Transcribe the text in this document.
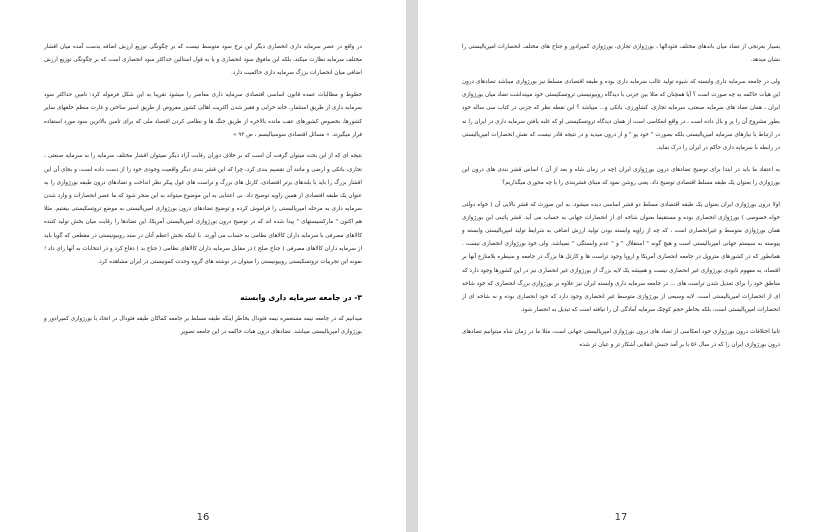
در واقع در عصر سرمایه داری انحصاری دیگر این نرخ سود متوسط نیست که بر چگونگی توزیع ارزش اضافه بدست آمده میان اقشار مختلف سرمایه نظارت میکند، بلکه این مافوق سود انحصاری و یا به قول استالین حداکثر سود انحصاری است که بر چگونگی توزیع ارزش اضافی میان انحصارات بزرگ سرمایه داری حاکمیت دارد.

خطوط و مطالبات عمده قانون اساسی اقتصادی سرمایه داری معاصر را میشود تقریبا به این شکل فرموله کرد: تامین حداکثر سود سرمایه داری از طریق استثمار، خانه خرابی و فقیر شدن اکثریت اهالی کشور مفروض از طریق اسیر ساختن و غارت منظم خلقهای سایر کشورها، بخصوص کشورهای عقب مانده بالاخره از طریق جنگ ها و نظامی کردن اقتصاد ملی که برای تامین بالاترین سود مورد استفاده قرار میگیرند. « مسائل اقتصادی سوسیالیسم ، ص ۹۲ »

نتیجه ای که از این بحث میتوان گرفت آن است که بر خلاف دوران رقابت آزاد دیگر نمیتوان اقشار مختلف سرمایه را به سرمایه صنعتی ، تجاری، بانکی و ارضی و مانند آن تقسیم بندی کرد، چرا که این قشر بندی دیگر واقعیت وجودی خود را از دست داده است، و بجای آن این اقشار بزرگ را باید با بلندهای برتر اقتصادی، کارتل های بزرگ و تراست های غول پیکر نظر انداخت و تضادهای درون طبقه بورژوازی را به عنوان یک طبقه اقتصادی از همین زاویه توضیح داد. بی اعتنایی به این موضوع میتواند به این منجر شود که ما عصر انحصارات و وارد شدن سرمایه داری به مرحله امپریالیستی را فراموش کرده و توضیح تضادهای درون بورژوازی امپریالیستی به موضع تروتسکیستی بیفتیم. مثلا هم اکنون " مارکسیستهای " پیدا شده اند که در توضیح درون بورژوازی امپریالیستی آمریکا، این تضادها را رقابت میان بخش تولید کننده کالاهای مصرفی با سرمایه داران کالاهای نظامی به حساب می آورند. با اینکه بخش اعظم آنان در سند روبیونیستی در مقطعی که گویا باید از سرمایه داران کالاهای مصرفی ( جناح صلح ) در مقابل سرمایه داران کالاهای نظامی ( جناح بد ) دفاع کرد و در انتخابات به آنها رای داد ! نمونه این تجربیات تروتسکیستی روبیونیستی را میتوان در نوشته های گروه وحدت کمونیستی در ایران مشاهده کرد.

۳- در جامعه سرمایه داری وابسته

میدانیم که در جامعه نیمه مستعمره نیمه فئودال بخاطر اینکه طبقه مسلط بر جامعه کماکان طبقه فئودال در اتحاد با بورژوازی کمپرادور و بورژوازی امپریالیستی میباشد. تضادهای درون هیات حاکمه در این جامعه تصویر

16

بسیار بغرنجی از تضاد میان باندهای مختلف فئودالها ، بورژوازی تجاری، بورژوازی کمپرادور و جناح های مختلف انحصارات امپریالیستی را نشان میدهد.

ولی در جامعه سرمایه داری وابسته که شیوه تولید غالب سرمایه داری بوده و طبقه اقتصادی مسلط نیز بورژوازی میباشد تضادهای درون این هیات حاکمه به چه صورت است ؟ آیا همچنان که مثلا بین جزنی با دیدگاه روبیونیستی تروتسکیستی خود میپنداشت تضاد میان بورژوازی ایران ، همان تضاد های سرمایه صنعتی، سرمایه تجاری، کشاورزی، بانکی و... میباشد ؟ این نقطه نظر که جزنی در کتاب سی ساله خود بطور مشروح آن را پر و بال داده است ، در واقع انعکاسی است از همان دیدگاه تروتسکیستی او که غلبه یافتن سرمایه داری در ایران را نه در ارتباط با نیازهای سرمایه امپریالیستی بلکه بصورت " خود پو " و از درون میدید و در نتیجه قادر نیست که نقش انحصارات امپریالیستی در رابطه با سرمایه داری حاکم در ایران را درک نماید.

به اعتقاد ما باید در ابتدا برای توضیح تضادهای درون بورژوازی ایران (چه در زمان شاه و بعد از آن ) اساس قشر بندی های درون این بورژوازی را بعنوان یک طبقه مسلط اقتصادی توضیح داد. یعنی روشن نمود که مبنای قشربندی را با چه محوری میگذاریم؟

اولا درون بورژوازی ایران بعنوان یک طبقه اقتصادی مسلط دو قشر اساسی دیده میشود، به این صورت که قشر بالایی آن ( خواه دولتی خواه خصوصی ) بورژوازی انحصاری بوده و مستقیما بعنوان شاخه ای از انحصارات جهانی به حساب می آید. قشر پائینی این بورژوازی همان بورژوازی متوسط و غیرانحصاری است ، که چه از زاویه وابسته بودن تولید ارزش اضافی به شرایط تولید امپریالیستی وابسته و پیوسته به سیستم جهانی امپریالیستی است و هیچ گونه " استقلال " و " عدم وابستگی " نمیباشد. ولی خود بورژوازی انحصاری نیست . همانطور که در کشورهای متروپل در جامعه انحصاری آمریکا و اروپا وجود تراست ها و کارتل ها بزرگ در جامعه و سیطره بلامنازع آنها بر اقتصاد، به مفهوم نابودی بورژوازی غیر انحصاری نیست و همیشه یک لایه بزرگ از بورژوازی غیر انحصاری نیز در این کشورها وجود دارد که مناطق خود را برای تعدیل شدن تراست های ... در جامعه سرمایه داری وابسته ایران نیز علاوه بر بورژوازی بزرگ انحصاری که خود شاخه ای از انحصارات امپریالیستی است. لایه وسیعی از بورژوازی متوسط غیر انحصاری وجود دارد که خود انحصاری بوده و نه شاخه ای از انحصارات امپریالیستی است، بلکه بخاطر حجم کوچک سرمایه آمادگی آن را نیافته است که تبدیل به انحصار شود.

ثانیا اختلافات درون بورژوازی خود انعکاسی از تضاد های درون بورژوازی امپریالیستی جهانی است، مثلا ما در زمان شاه میتوانیم تضادهای درون بورژوازی ایران را که در سال ۵۶ با بر آمد جنبش انقلابی آشکار تر و عیان تر شده

17
